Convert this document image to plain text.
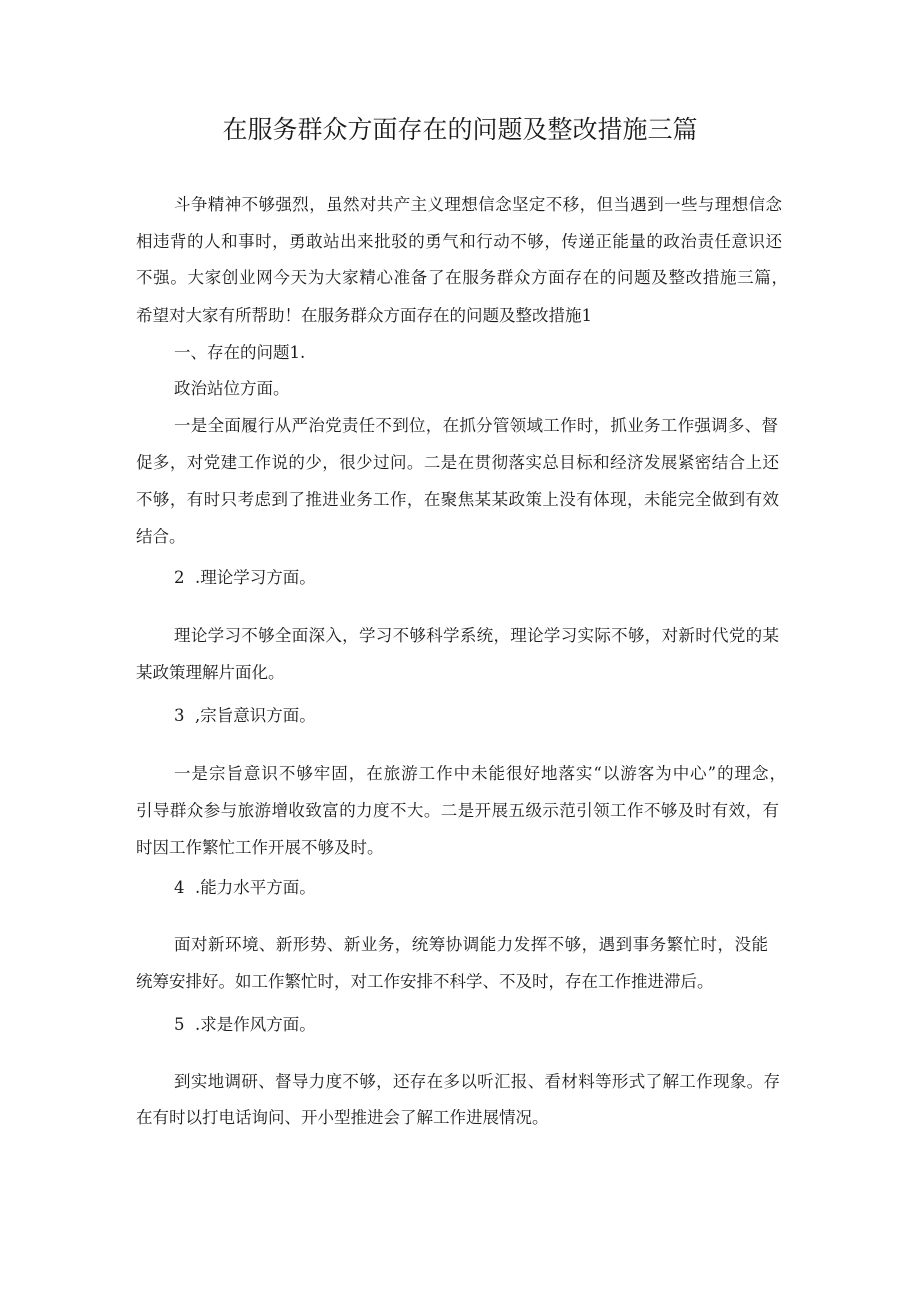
在服务群众方面存在的问题及整改措施三篇
斗争精神不够强烈，虽然对共产主义理想信念坚定不移，但当遇到一些与理想信念
相违背的人和事时，勇敢站出来批驳的勇气和行动不够，传递正能量的政治责任意识还
不强。大家创业网今天为大家精心准备了在服务群众方面存在的问题及整改措施三篇，
希望对大家有所帮助！在服务群众方面存在的问题及整改措施1
一、存在的问题1.
政治站位方面。
一是全面履行从严治党责任不到位，在抓分管领域工作时，抓业务工作强调多、督
促多，对党建工作说的少，很少过问。二是在贯彻落实总目标和经济发展紧密结合上还
不够，有时只考虑到了推进业务工作，在聚焦某某政策上没有体现，未能完全做到有效
结合。
2  .理论学习方面。
理论学习不够全面深入，学习不够科学系统，理论学习实际不够，对新时代党的某
某政策理解片面化。
3  ,宗旨意识方面。
一是宗旨意识不够牢固，在旅游工作中未能很好地落实“以游客为中心”的理念，
引导群众参与旅游增收致富的力度不大。二是开展五级示范引领工作不够及时有效，有
时因工作繁忙工作开展不够及时。
4  .能力水平方面。
面对新环境、新形势、新业务，统筹协调能力发挥不够，遇到事务繁忙时，没能
统筹安排好。如工作繁忙时，对工作安排不科学、不及时，存在工作推进滞后。
5  .求是作风方面。
到实地调研、督导力度不够，还存在多以听汇报、看材料等形式了解工作现象。存
在有时以打电话询问、开小型推进会了解工作进展情况。
